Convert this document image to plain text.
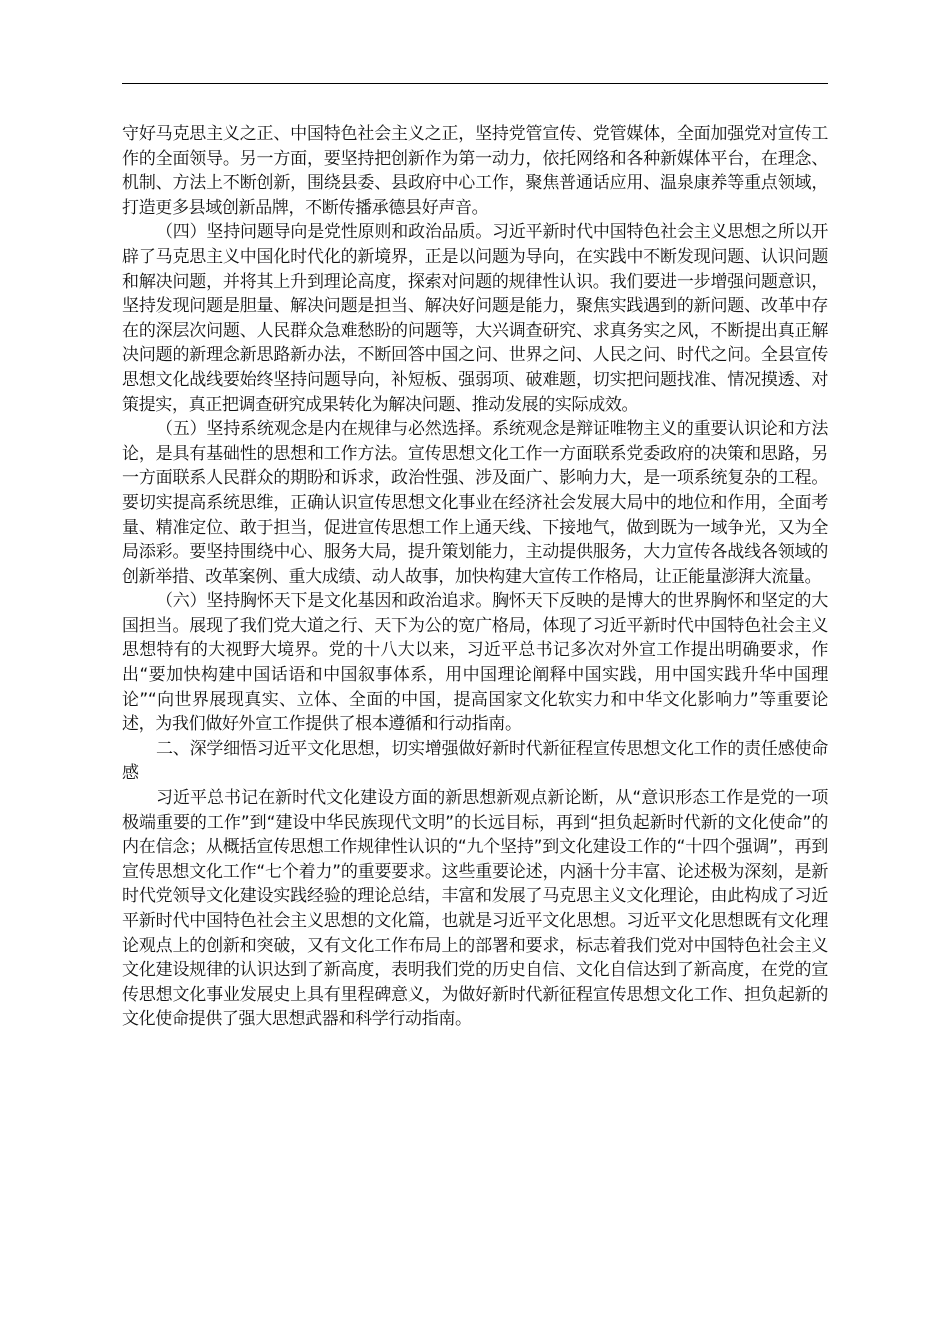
守好马克思主义之正、中国特色社会主义之正，坚持党管宣传、党管媒体，全面加强党对宣传工作的全面领导。另一方面，要坚持把创新作为第一动力，依托网络和各种新媒体平台，在理念、机制、方法上不断创新，围绕县委、县政府中心工作，聚焦普通话应用、温泉康养等重点领域，打造更多县域创新品牌，不断传播承德县好声音。

（四）坚持问题导向是党性原则和政治品质。习近平新时代中国特色社会主义思想之所以开辟了马克思主义中国化时代化的新境界，正是以问题为导向，在实践中不断发现问题、认识问题和解决问题，并将其上升到理论高度，探索对问题的规律性认识。我们要进一步增强问题意识，坚持发现问题是胆量、解决问题是担当、解决好问题是能力，聚焦实践遇到的新问题、改革中存在的深层次问题、人民群众急难愁盼的问题等，大兴调查研究、求真务实之风，不断提出真正解决问题的新理念新思路新办法，不断回答中国之问、世界之问、人民之问、时代之问。全县宣传思想文化战线要始终坚持问题导向，补短板、强弱项、破难题，切实把问题找准、情况摸透、对策提实，真正把调查研究成果转化为解决问题、推动发展的实际成效。

（五）坚持系统观念是内在规律与必然选择。系统观念是辩证唯物主义的重要认识论和方法论，是具有基础性的思想和工作方法。宣传思想文化工作一方面联系党委政府的决策和思路，另一方面联系人民群众的期盼和诉求，政治性强、涉及面广、影响力大，是一项系统复杂的工程。要切实提高系统思维，正确认识宣传思想文化事业在经济社会发展大局中的地位和作用，全面考量、精准定位、敢于担当，促进宣传思想工作上通天线、下接地气，做到既为一域争光，又为全局添彩。要坚持围绕中心、服务大局，提升策划能力，主动提供服务，大力宣传各战线各领域的创新举措、改革案例、重大成绩、动人故事，加快构建大宣传工作格局，让正能量澎湃大流量。

（六）坚持胸怀天下是文化基因和政治追求。胸怀天下反映的是博大的世界胸怀和坚定的大国担当。展现了我们党大道之行、天下为公的宽广格局，体现了习近平新时代中国特色社会主义思想特有的大视野大境界。党的十八大以来，习近平总书记多次对外宣工作提出明确要求，作出“要加快构建中国话语和中国叙事体系，用中国理论阐释中国实践，用中国实践升华中国理论”“向世界展现真实、立体、全面的中国，提高国家文化软实力和中华文化影响力”等重要论述，为我们做好外宣工作提供了根本遵循和行动指南。

二、深学细悟习近平文化思想，切实增强做好新时代新征程宣传思想文化工作的责任感使命感

习近平总书记在新时代文化建设方面的新思想新观点新论断，从“意识形态工作是党的一项极端重要的工作”到“建设中华民族现代文明”的长远目标，再到“担负起新时代新的文化使命”的内在信念；从概括宣传思想工作规律性认识的“九个坚持”到文化建设工作的“十四个强调”，再到宣传思想文化工作“七个着力”的重要要求。这些重要论述，内涵十分丰富、论述极为深刻，是新时代党领导文化建设实践经验的理论总结，丰富和发展了马克思主义文化理论，由此构成了习近平新时代中国特色社会主义思想的文化篇，也就是习近平文化思想。习近平文化思想既有文化理论观点上的创新和突破，又有文化工作布局上的部署和要求，标志着我们党对中国特色社会主义文化建设规律的认识达到了新高度，表明我们党的历史自信、文化自信达到了新高度，在党的宣传思想文化事业发展史上具有里程碑意义，为做好新时代新征程宣传思想文化工作、担负起新的文化使命提供了强大思想武器和科学行动指南。
